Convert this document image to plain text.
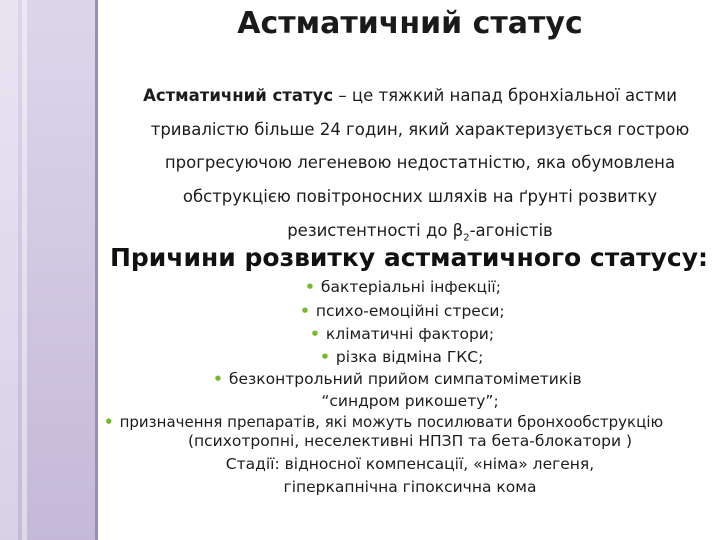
Астматичний статус
Астматичний статус – це тяжкий напад бронхіальної астми
тривалістю більше 24 годин, який характеризується гострою
прогресуючою легеневою недостатністю, яка обумовлена
обструкцією повітроносних шляхів на ґрунті розвитку
резистентності до $\beta_2$-агоністів
Причини розвитку астматичного статусу:
• бактеріальні інфекції;
• психо-емоційні стреси;
• кліматичні фактори;
• різка відміна ГКС;
• безконтрольний прийом симпатоміметиків
“синдром рикошету”;
• призначення препаратів, які можуть посилювати бронхообструкцію
(психотропні, неселективні НПЗП та бета-блокатори )
Стадії: відносної компенсації, «німа» легеня,
гіперкапнічна гіпоксична кома
